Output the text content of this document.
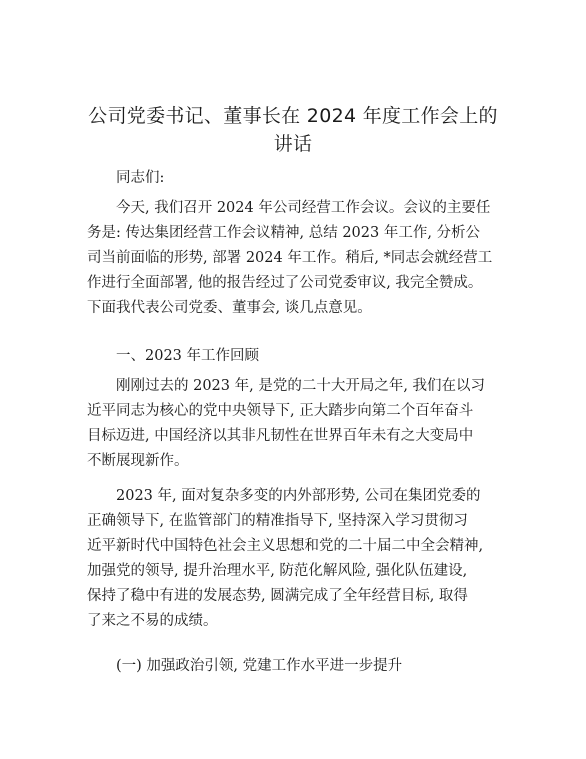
公司党委书记、董事长在 2024 年度工作会上的
讲话

同志们:

今天, 我们召开 2024 年公司经营工作会议。会议的主要任
务是: 传达集团经营工作会议精神, 总结 2023 年工作, 分析公
司当前面临的形势, 部署 2024 年工作。稍后, *同志会就经营工
作进行全面部署, 他的报告经过了公司党委审议, 我完全赞成。
下面我代表公司党委、董事会, 谈几点意见。

一、2023 年工作回顾

刚刚过去的 2023 年, 是党的二十大开局之年, 我们在以习
近平同志为核心的党中央领导下, 正大踏步向第二个百年奋斗
目标迈进, 中国经济以其非凡韧性在世界百年未有之大变局中
不断展现新作。

2023 年, 面对复杂多变的内外部形势, 公司在集团党委的
正确领导下, 在监管部门的精准指导下, 坚持深入学习贯彻习
近平新时代中国特色社会主义思想和党的二十届二中全会精神,
加强党的领导, 提升治理水平, 防范化解风险, 强化队伍建设,
保持了稳中有进的发展态势, 圆满完成了全年经营目标, 取得
了来之不易的成绩。

(一) 加强政治引领, 党建工作水平进一步提升
